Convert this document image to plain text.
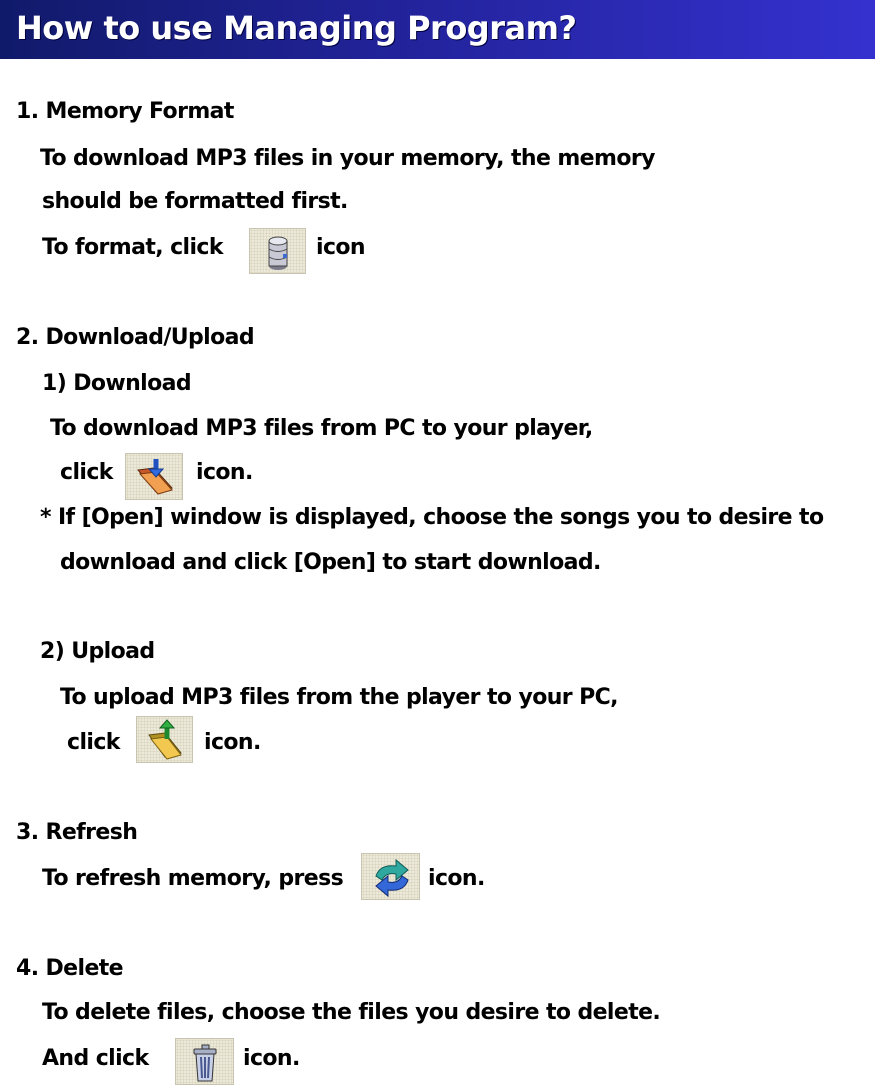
How to use Managing Program?
1. Memory Format
To download MP3 files in your memory, the memory
should be formatted first.
To format, click	icon
2. Download/Upload
1) Download
To download MP3 files from PC to your player,
click	icon.
* If [Open] window is displayed, choose the songs you to desire to
download and click [Open] to start download.
2) Upload
To upload MP3 files from the player to your PC,
click	icon.
3. Refresh
To refresh memory, press	icon.
4. Delete
To delete files, choose the files you desire to delete.
And click	icon.
